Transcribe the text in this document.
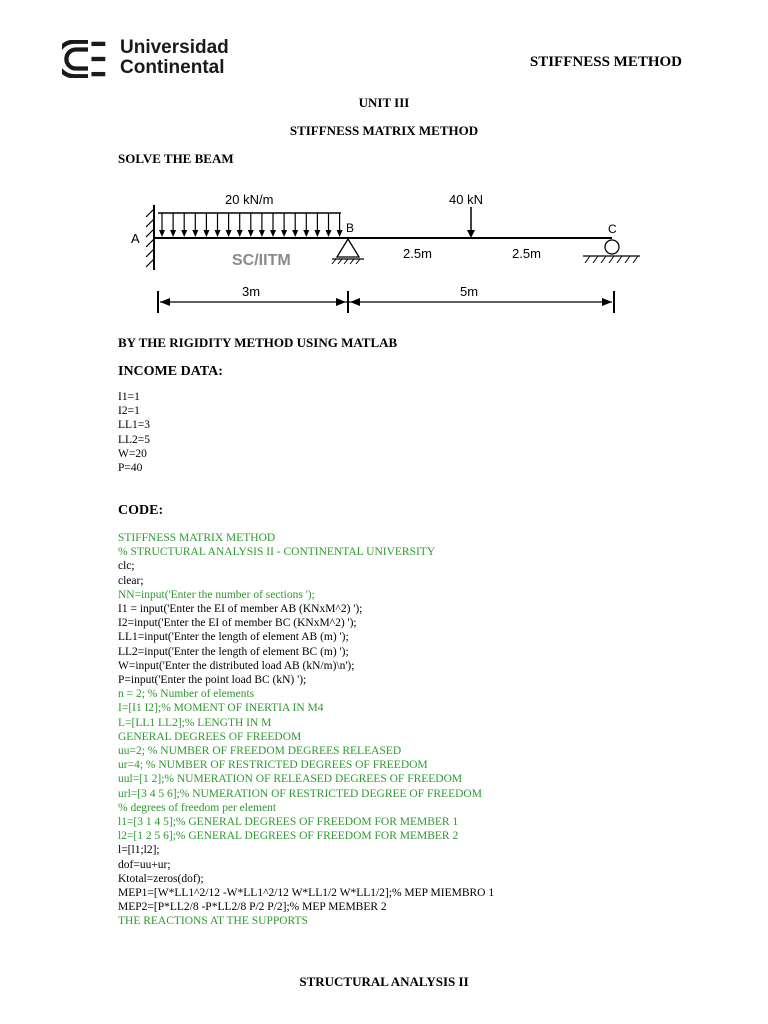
Universidad
Continental	STIFFNESS METHOD
UNIT III
STIFFNESS MATRIX METHOD
SOLVE THE BEAM
A
20 kN/m
B
SC/IITM
40 kN
2.5m	2.5m
C
3m	5m
BY THE RIGIDITY METHOD USING MATLAB
INCOME DATA:
I1=1
I2=1
LL1=3
LL2=5
W=20
P=40
CODE:
STIFFNESS MATRIX METHOD
% STRUCTURAL ANALYSIS II - CONTINENTAL UNIVERSITY
clc;
clear;
NN=input('Enter the number of sections ');
I1 = input('Enter the EI of member AB (KNxM^2) ');
I2=input('Enter the EI of member BC (KNxM^2) ');
LL1=input('Enter the length of element AB (m) ');
LL2=input('Enter the length of element BC (m) ');
W=input('Enter the distributed load AB (kN/m)\n');
P=input('Enter the point load BC (kN) ');
n = 2; % Number of elements
I=[I1 I2];% MOMENT OF INERTIA IN M4
L=[LL1 LL2];% LENGTH IN M
GENERAL DEGREES OF FREEDOM
uu=2; % NUMBER OF FREEDOM DEGREES RELEASED
ur=4; % NUMBER OF RESTRICTED DEGREES OF FREEDOM
uul=[1 2];% NUMERATION OF RELEASED DEGREES OF FREEDOM
url=[3 4 5 6];% NUMERATION OF RESTRICTED DEGREE OF FREEDOM
% degrees of freedom per element
l1=[3 1 4 5];% GENERAL DEGREES OF FREEDOM FOR MEMBER 1
l2=[1 2 5 6];% GENERAL DEGREES OF FREEDOM FOR MEMBER 2
l=[l1;l2];
dof=uu+ur;
Ktotal=zeros(dof);
MEP1=[W*LL1^2/12 -W*LL1^2/12 W*LL1/2 W*LL1/2];% MEP MIEMBRO 1
MEP2=[P*LL2/8 -P*LL2/8 P/2 P/2];% MEP MEMBER 2
THE REACTIONS AT THE SUPPORTS
STRUCTURAL ANALYSIS II
